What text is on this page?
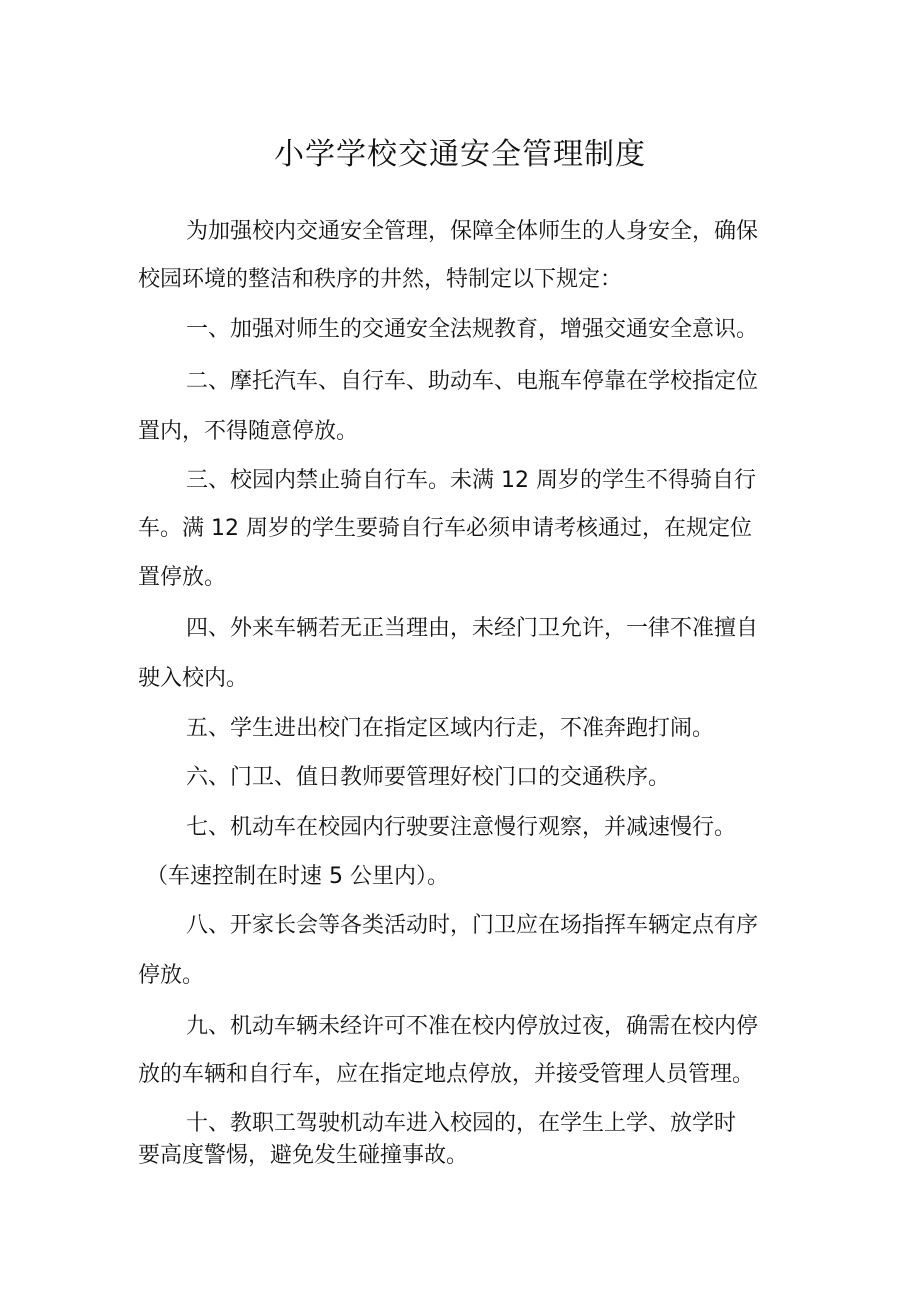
小学学校交通安全管理制度
为加强校内交通安全管理，保障全体师生的人身安全，确保
校园环境的整洁和秩序的井然，特制定以下规定：
一、加强对师生的交通安全法规教育，增强交通安全意识。
二、摩托汽车、自行车、助动车、电瓶车停靠在学校指定位
置内，不得随意停放。
三、校园内禁止骑自行车。未满 12 周岁的学生不得骑自行
车。满 12 周岁的学生要骑自行车必须申请考核通过，在规定位
置停放。
四、外来车辆若无正当理由，未经门卫允许，一律不准擅自
驶入校内。
五、学生进出校门在指定区域内行走，不准奔跑打闹。
六、门卫、值日教师要管理好校门口的交通秩序。
七、机动车在校园内行驶要注意慢行观察，并减速慢行。
（车速控制在时速 5 公里内）。
八、开家长会等各类活动时，门卫应在场指挥车辆定点有序
停放。
九、机动车辆未经许可不准在校内停放过夜，确需在校内停
放的车辆和自行车，应在指定地点停放，并接受管理人员管理。
十、教职工驾驶机动车进入校园的，在学生上学、放学时
要高度警惕，避免发生碰撞事故。
